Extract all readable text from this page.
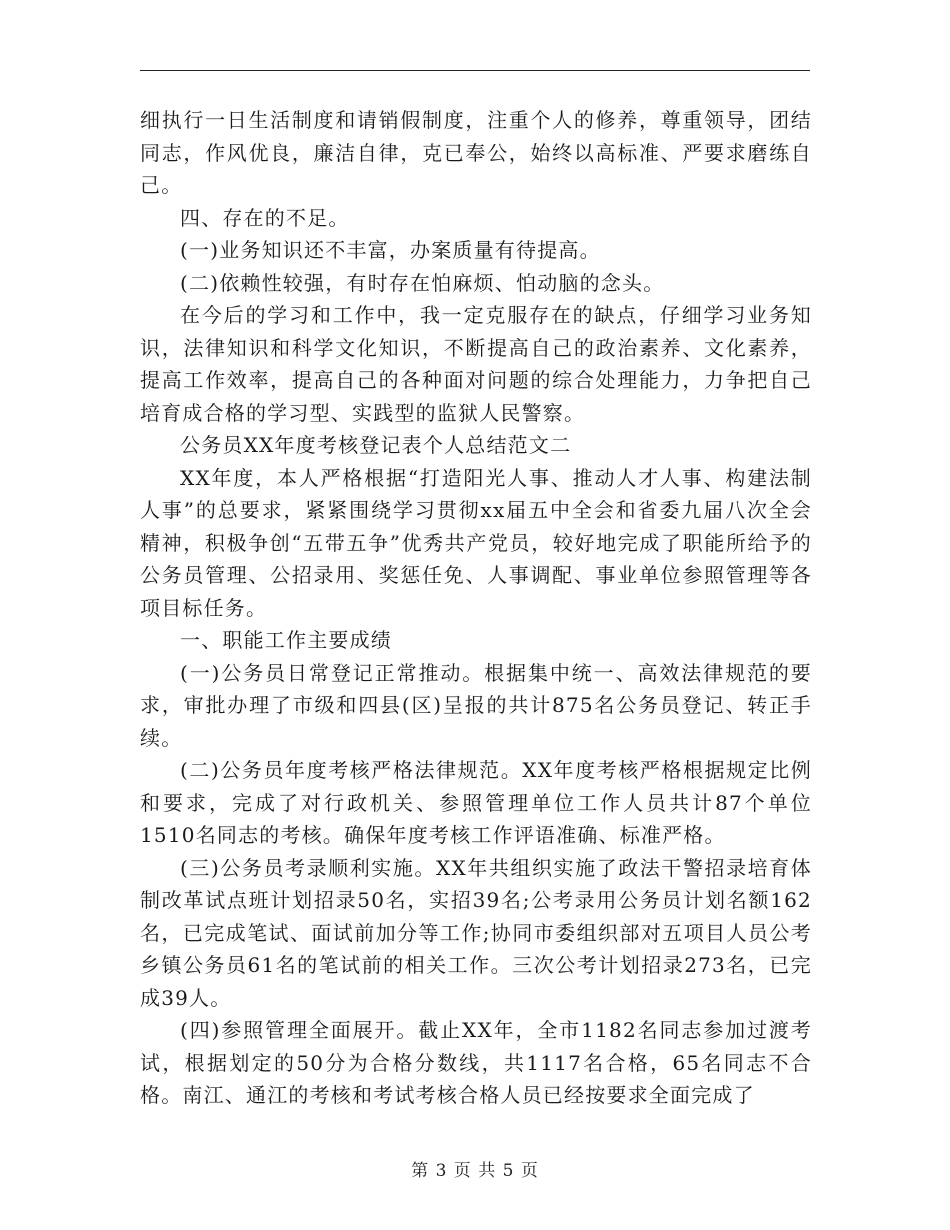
细执行一日生活制度和请销假制度，注重个人的修养，尊重领导，团结同志，作风优良，廉洁自律，克已奉公，始终以高标准、严要求磨练自己。

四、存在的不足。

(一)业务知识还不丰富，办案质量有待提高。

(二)依赖性较强，有时存在怕麻烦、怕动脑的念头。

在今后的学习和工作中，我一定克服存在的缺点，仔细学习业务知识，法律知识和科学文化知识，不断提高自己的政治素养、文化素养，提高工作效率，提高自己的各种面对问题的综合处理能力，力争把自己培育成合格的学习型、实践型的监狱人民警察。

公务员XX年度考核登记表个人总结范文二

XX年度，本人严格根据“打造阳光人事、推动人才人事、构建法制人事”的总要求，紧紧围绕学习贯彻xx届五中全会和省委九届八次全会精神，积极争创“五带五争”优秀共产党员，较好地完成了职能所给予的公务员管理、公招录用、奖惩任免、人事调配、事业单位参照管理等各项目标任务。

一、职能工作主要成绩

(一)公务员日常登记正常推动。根据集中统一、高效法律规范的要求，审批办理了市级和四县(区)呈报的共计875名公务员登记、转正手续。

(二)公务员年度考核严格法律规范。XX年度考核严格根据规定比例和要求，完成了对行政机关、参照管理单位工作人员共计87个单位1510名同志的考核。确保年度考核工作评语准确、标准严格。

(三)公务员考录顺利实施。XX年共组织实施了政法干警招录培育体制改革试点班计划招录50名，实招39名;公考录用公务员计划名额162名，已完成笔试、面试前加分等工作;协同市委组织部对五项目人员公考乡镇公务员61名的笔试前的相关工作。三次公考计划招录273名，已完成39人。

(四)参照管理全面展开。截止XX年，全市1182名同志参加过渡考试，根据划定的50分为合格分数线，共1117名合格，65名同志不合格。南江、通江的考核和考试考核合格人员已经按要求全面完成了

第 3 页 共 5 页
